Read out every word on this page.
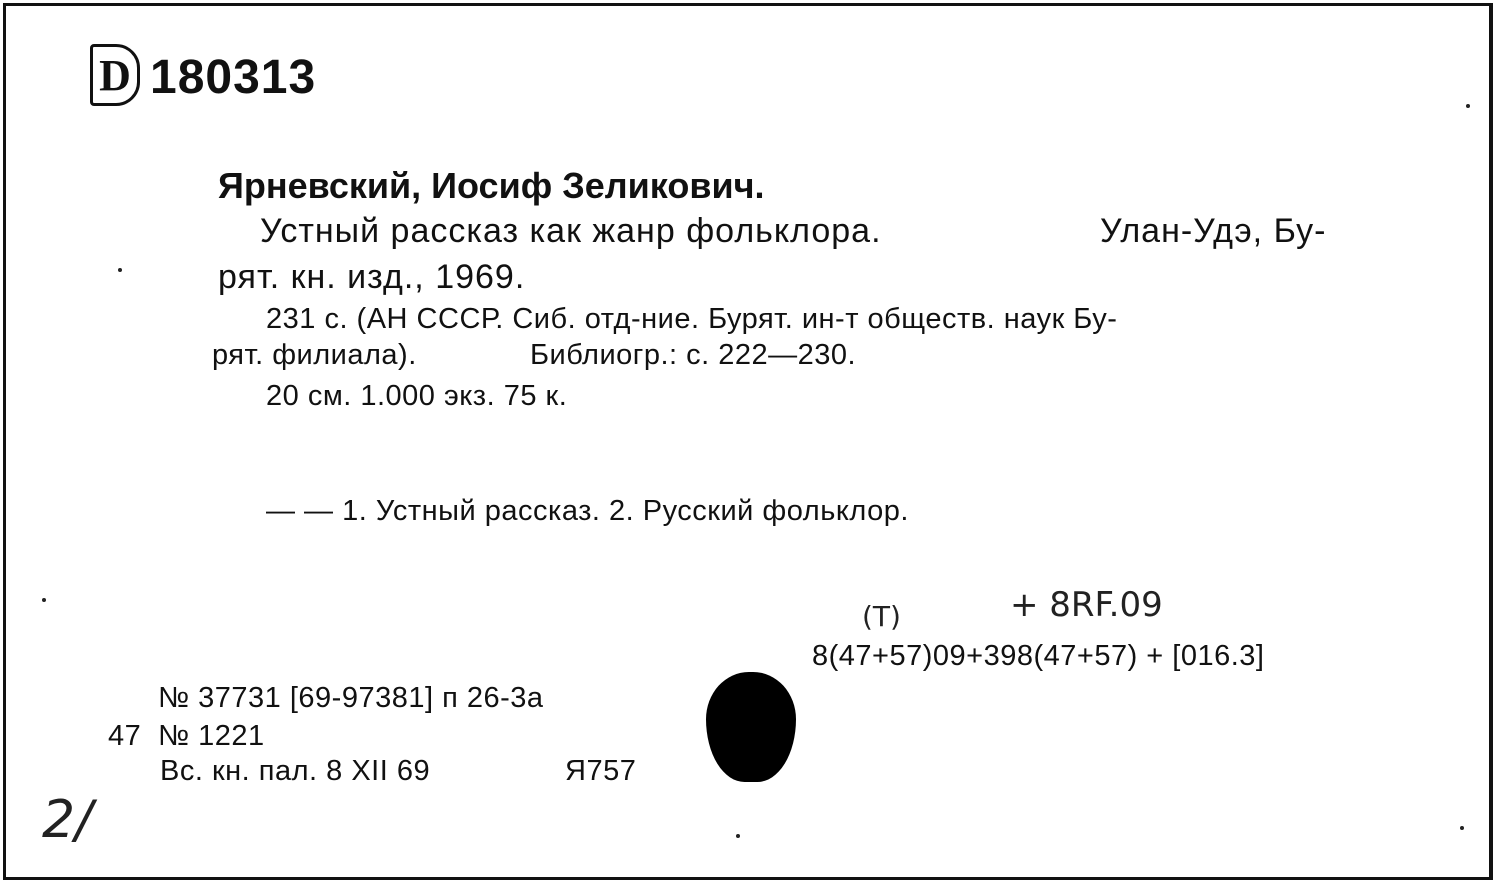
D 180313
Ярневский, Иосиф Зеликович.
Устный рассказ как жанр фольклора.	Улан-Удэ, Бу-
рят. кн. изд., 1969.
231 с. (АН СССР. Сиб. отд-ние. Бурят. ин-т обществ. наук Бу-
рят. филиала).	Библиогр.: с. 222—230.
20 см. 1.000 экз. 75 к.
— — 1. Устный рассказ. 2. Русский фольклор.
(Т)	+ 8RF.09
8(47+57)09+398(47+57) + [016.3]
№ 37731 [69-97381] п 26-3а
47 № 1221
Вс. кн. пал. 8 XII 69	Я757
2/
